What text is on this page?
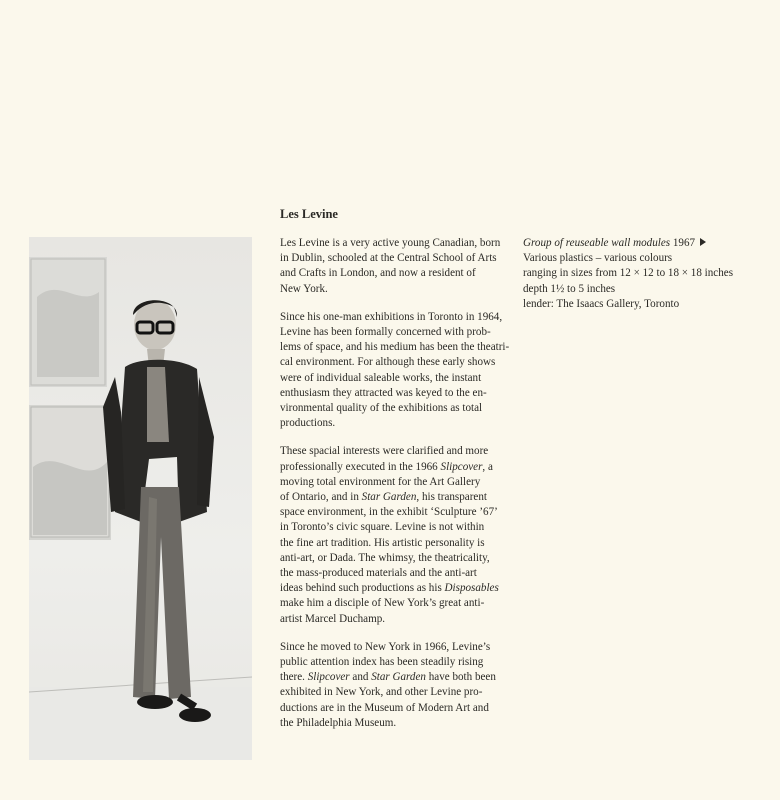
Les Levine

Les Levine is a very active young Canadian, born
in Dublin, schooled at the Central School of Arts
and Crafts in London, and now a resident of
New York.

Since his one-man exhibitions in Toronto in 1964,
Levine has been formally concerned with prob-
lems of space, and his medium has been the theatri-
cal environment. For although these early shows
were of individual saleable works, the instant
enthusiasm they attracted was keyed to the en-
vironmental quality of the exhibitions as total
productions.

These spacial interests were clarified and more
professionally executed in the 1966 Slipcover, a
moving total environment for the Art Gallery
of Ontario, and in Star Garden, his transparent
space environment, in the exhibit ‘Sculpture ’67’
in Toronto’s civic square. Levine is not within
the fine art tradition. His artistic personality is
anti-art, or Dada. The whimsy, the theatricality,
the mass-produced materials and the anti-art
ideas behind such productions as his Disposables
make him a disciple of New York’s great anti-
artist Marcel Duchamp.

Since he moved to New York in 1966, Levine’s
public attention index has been steadily rising
there. Slipcover and Star Garden have both been
exhibited in New York, and other Levine pro-
ductions are in the Museum of Modern Art and
the Philadelphia Museum.

Group of reuseable wall modules 1967
Various plastics – various colours
ranging in sizes from 12 × 12 to 18 × 18 inches
depth 1½ to 5 inches
lender: The Isaacs Gallery, Toronto
